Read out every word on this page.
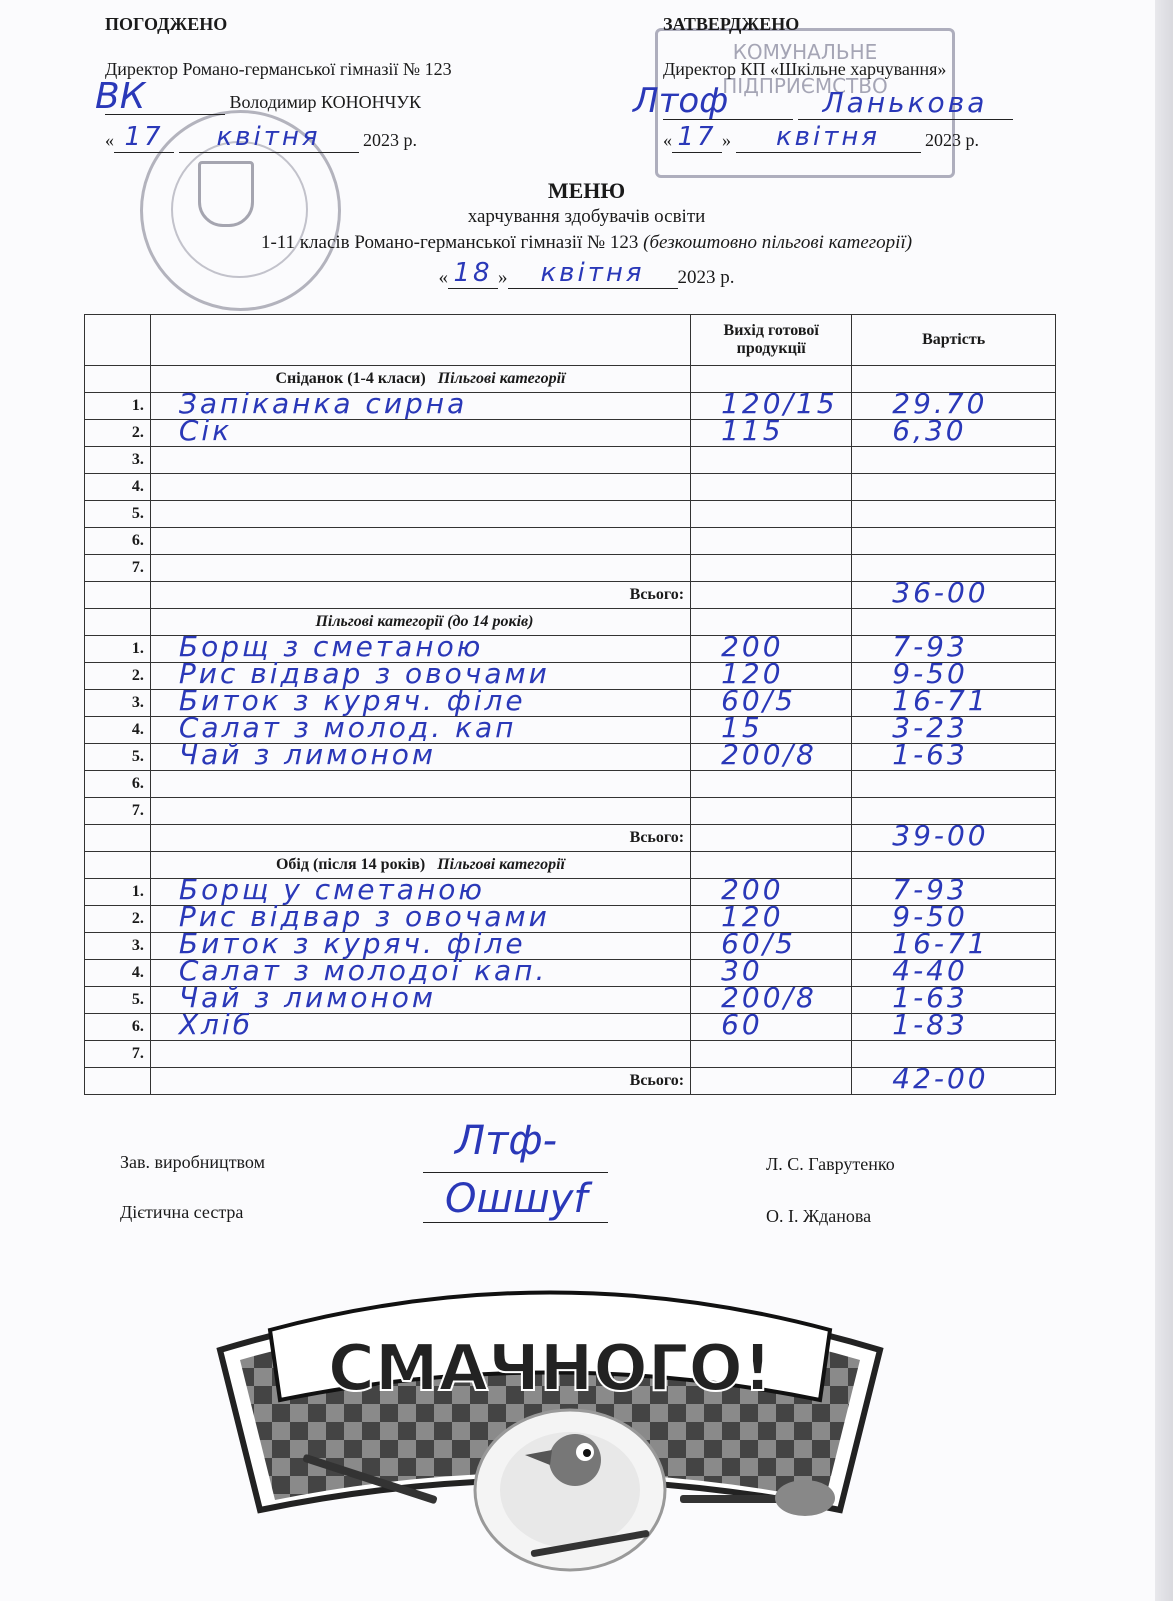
КОМУНАЛЬНЕ ПІДПРИЄМСТВО
ПОГОДЖЕНО
Директор Романо-германської гімназії № 123
ВК	Володимир КОНОНЧУК
« 17 квітня 2023 р.
ЗАТВЕРДЖЕНО
Директор КП «Шкільне харчування»
Лтоф	Ланькова
« 17 » квітня 2023 р.
МЕНЮ
харчування здобувачів освіти
1-11 класів Романо-германської гімназії № 123 (безкоштовно пільгові категорії)
« 18 » квітня 2023 р.
		Вихід готової продукції	Вартість
	Сніданок (1-4 класи) Пільгові категорії		
1.	Запіканка сирна	120/15	29.70

2.	Сік	115	6,30

3.	

4.	

5.	

6.	

7.	

	Всього:		36-00

	Пільгові категорії (до 14 років)		
1.	Борщ з сметаною	200	7-93

2.	Рис відвар з овочами	120	9-50

3.	Биток з куряч. філе	60/5	16-71

4.	Салат з молод. кап	15	3-23

5.	Чай з лимоном	200/8	1-63

6.	

7.	

	Всього:		39-00

	Обід (після 14 років) Пільгові категорії		
1.	Борщ у сметаною	200	7-93

2.	Рис відвар з овочами	120	9-50

3.	Биток з куряч. філе	60/5	16-71

4.	Салат з молодої кап.	30	4-40

5.	Чай з лимоном	200/8	1-63

6.	Хліб	60	1-83

7.	

	Всього:		42-00
Зав. виробництвом	Лтф-	Л. С. Гаврутенко
Дієтична сестра	Ошшуf	О. І. Жданова
СМАЧНОГО!
